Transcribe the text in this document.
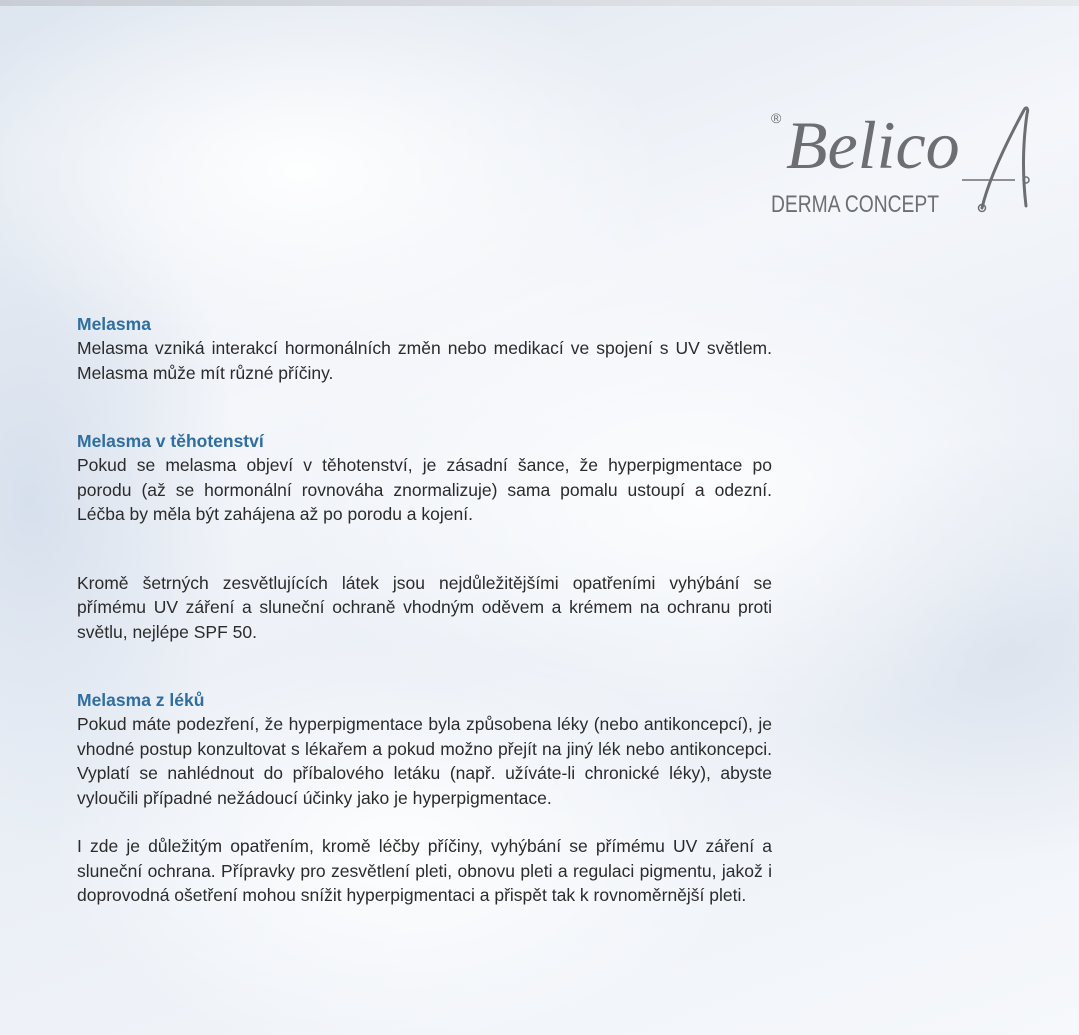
® Belico
DERMA CONCEPT
Melasma

Melasma vzniká interakcí hormonálních změn nebo medikací ve spojení s UV světlem. Melasma může mít různé příčiny.

Melasma v těhotenství

Pokud se melasma objeví v těhotenství, je zásadní šance, že hyperpigmentace po porodu (až se hormonální rovnováha znormalizuje) sama pomalu ustoupí a odezní. Léčba by měla být zahájena až po porodu a kojení.

Kromě šetrných zesvětlujících látek jsou nejdůležitějšími opatřeními vyhýbání se přímému UV záření a sluneční ochraně vhodným oděvem a krémem na ochranu proti světlu, nejlépe SPF 50.

Melasma z léků

Pokud máte podezření, že hyperpigmentace byla způsobena léky (nebo antikoncepcí), je vhodné postup konzultovat s lékařem a pokud možno přejít na jiný lék nebo antikoncepci. Vyplatí se nahlédnout do příbalového letáku (např. užíváte-li chronické léky), abyste vyloučili případné nežádoucí účinky jako je hyperpigmentace.

I zde je důležitým opatřením, kromě léčby příčiny, vyhýbání se přímému UV záření a sluneční ochrana. Přípravky pro zesvětlení pleti, obnovu pleti a regulaci pigmentu, jakož i doprovodná ošetření mohou snížit hyperpigmentaci a přispět tak k rovnoměrnější pleti.
